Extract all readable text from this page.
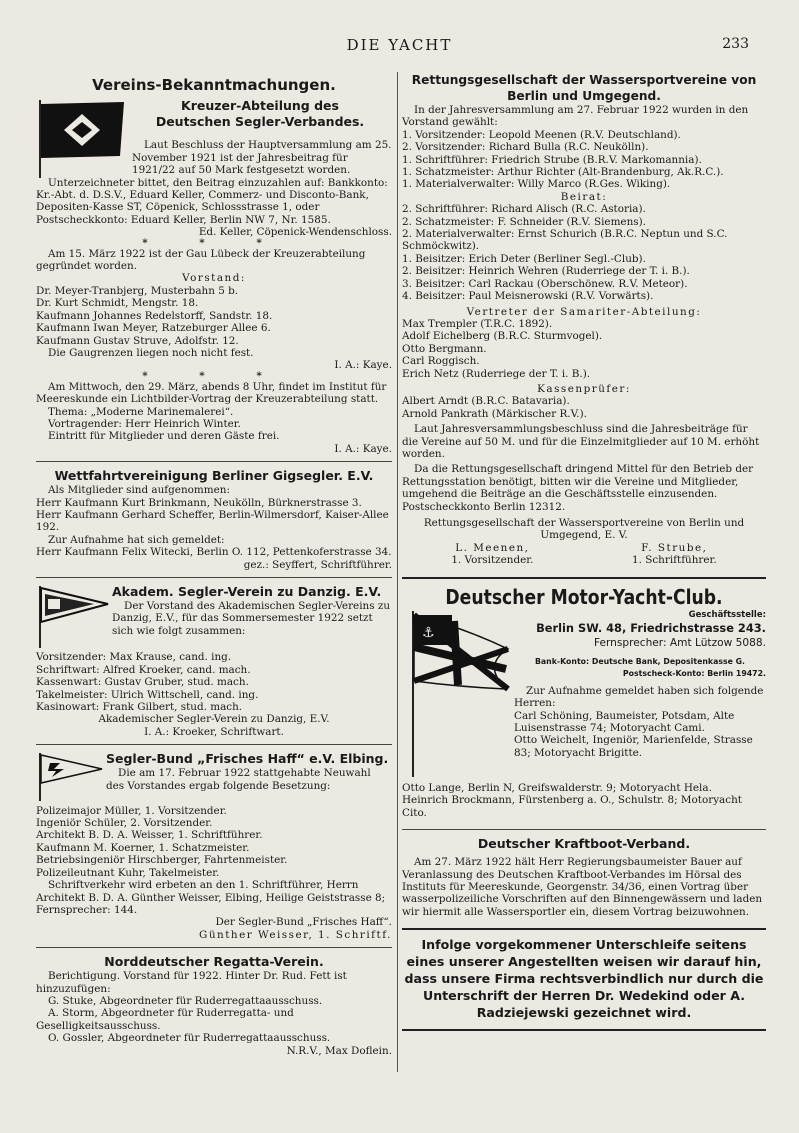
DIE YACHT	233
Vereins-Bekanntmachungen.
Kreuzer-Abteilung des
Deutschen Segler-Verbandes.

Laut Beschluss der Hauptversammlung am 25. November 1921 ist der Jahresbeitrag für 1921/22 auf 50 Mark festgesetzt worden.

Unterzeichneter bittet, den Beitrag einzuzahlen auf: Bankkonto: Kr.-Abt. d. D.S.V., Eduard Keller, Commerz- und Disconto-Bank, Depositen-Kasse ST, Cöpenick, Schlossstrasse 1, oder Postscheckkonto: Eduard Keller, Berlin NW 7, Nr. 1585.

Ed. Keller, Cöpenick-Wendenschloss.

* * *

Am 15. März 1922 ist der Gau Lübeck der Kreuzerabteilung gegründet worden.

Vorstand:

Dr. Meyer-Tranbjerg, Musterbahn 5 b.

Dr. Kurt Schmidt, Mengstr. 18.

Kaufmann Johannes Redelstorff, Sandstr. 18.

Kaufmann Iwan Meyer, Ratzeburger Allee 6.

Kaufmann Gustav Struve, Adolfstr. 12.

Die Gaugrenzen liegen noch nicht fest.

I. A.: Kaye.

* * *

Am Mittwoch, den 29. März, abends 8 Uhr, findet im Institut für Meereskunde ein Lichtbilder-Vortrag der Kreuzerabteilung statt.

Thema: „Moderne Marinemalerei“.

Vortragender: Herr Heinrich Winter.

Eintritt für Mitglieder und deren Gäste frei.

I. A.: Kaye.

Wettfahrtvereinigung Berliner Gigsegler. E.V.

Als Mitglieder sind aufgenommen:

Herr Kaufmann Kurt Brinkmann, Neukölln, Bürknerstrasse 3.

Herr Kaufmann Gerhard Scheffer, Berlin-Wilmersdorf, Kaiser-Allee 192.

Zur Aufnahme hat sich gemeldet:

Herr Kaufmann Felix Witecki, Berlin O. 112, Pettenkoferstrasse 34.

gez.: Seyffert, Schriftführer.

Akadem. Segler-Verein zu Danzig. E.V.

Der Vorstand des Akademischen Segler-Vereins zu Danzig, E.V., für das Sommersemester 1922 setzt sich wie folgt zusammen:

Vorsitzender: Max Krause, cand. ing.

Schriftwart: Alfred Kroeker, cand. mach.

Kassenwart: Gustav Gruber, stud. mach.

Takelmeister: Ulrich Wittschell, cand. ing.

Kasinowart: Frank Gilbert, stud. mach.

Akademischer Segler-Verein zu Danzig, E.V.

I. A.: Kroeker, Schriftwart.

Segler-Bund „Frisches Haff“ e.V. Elbing.

Die am 17. Februar 1922 stattgehabte Neuwahl des Vorstandes ergab folgende Besetzung:

Polizeimajor Müller, 1. Vorsitzender.

Ingeniör Schüler, 2. Vorsitzender.

Architekt B. D. A. Weisser, 1. Schriftführer.

Kaufmann M. Koerner, 1. Schatzmeister.

Betriebsingeniör Hirschberger, Fahrtenmeister.

Polizeileutnant Kuhr, Takelmeister.

Schriftverkehr wird erbeten an den 1. Schriftführer, Herrn Architekt B. D. A. Günther Weisser, Elbing, Heilige Geiststrasse 8; Fernsprecher: 144.

Der Segler-Bund „Frisches Haff“.

Günther Weisser, 1. Schriftf.

Norddeutscher Regatta-Verein.

Berichtigung. Vorstand für 1922. Hinter Dr. Rud. Fett ist hinzuzufügen:

G. Stuke, Abgeordneter für Ruderregattaausschuss.

A. Storm, Abgeordneter für Ruderregatta- und Geselligkeitsausschuss.

O. Gossler, Abgeordneter für Ruderregattaausschuss.

N.R.V., Max Doflein.

Rettungsgesellschaft der Wassersportvereine von Berlin und Umgegend.

In der Jahresversammlung am 27. Februar 1922 wurden in den Vorstand gewählt:

1. Vorsitzender: Leopold Meenen (R.V. Deutschland).

2. Vorsitzender: Richard Bulla (R.C. Neukölln).

1. Schriftführer: Friedrich Strube (B.R.V. Markomannia).

1. Schatzmeister: Arthur Richter (Alt-Brandenburg, Ak.R.C.).

1. Materialverwalter: Willy Marco (R.Ges. Wiking).

Beirat:

2. Schriftführer: Richard Alisch (R.C. Astoria).

2. Schatzmeister: F. Schneider (R.V. Siemens).

2. Materialverwalter: Ernst Schurich (B.R.C. Neptun und S.C. Schmöckwitz).

1. Beisitzer: Erich Deter (Berliner Segl.-Club).

2. Beisitzer: Heinrich Wehren (Ruderriege der T. i. B.).

3. Beisitzer: Carl Rackau (Oberschönew. R.V. Meteor).

4. Beisitzer: Paul Meisnerowski (R.V. Vorwärts).

Vertreter der Samariter-Abteilung:

Max Trempler (T.R.C. 1892).

Adolf Eichelberg (B.R.C. Sturmvogel).

Otto Bergmann.

Carl Roggisch.

Erich Netz (Ruderriege der T. i. B.).

Kassenprüfer:

Albert Arndt (B.R.C. Batavaria).

Arnold Pankrath (Märkischer R.V.).

Laut Jahresversammlungsbeschluss sind die Jahresbeiträge für die Vereine auf 50 M. und für die Einzelmitglieder auf 10 M. erhöht worden.

Da die Rettungsgesellschaft dringend Mittel für den Betrieb der Rettungsstation benötigt, bitten wir die Vereine und Mitglieder, umgehend die Beiträge an die Geschäftsstelle einzusenden. Postscheckkonto Berlin 12312.

Rettungsgesellschaft der Wassersportvereine von Berlin und Umgegend, E. V.

L. Meenen,

1. Vorsitzender.

F. Strube,

1. Schriftführer.

Deutscher Motor-Yacht-Club.
⚓

Geschäftsstelle:

Berlin SW. 48, Friedrichstrasse 243.

Fernsprecher: Amt Lützow 5088.

Bank-Konto: Deutsche Bank, Depositenkasse G.

Postscheck-Konto: Berlin 19472.

Zur Aufnahme gemeldet haben sich folgende Herren:

Carl Schöning, Baumeister, Potsdam, Alte Luisenstrasse 74; Motoryacht Cami.

Otto Weichelt, Ingeniör, Marienfelde, Strasse 83; Motoryacht Brigitte.

Otto Lange, Berlin N, Greifswalderstr. 9; Motoryacht Hela.

Heinrich Brockmann, Fürstenberg a. O., Schulstr. 8; Motoryacht Cito.

Deutscher Kraftboot-Verband.

Am 27. März 1922 hält Herr Regierungsbaumeister Bauer auf Veranlassung des Deutschen Kraftboot-Verbandes im Hörsal des Instituts für Meereskunde, Georgenstr. 34/36, einen Vortrag über wasserpolizeiliche Vorschriften auf den Binnengewässern und laden wir hiermit alle Wassersportler ein, diesem Vortrag beizuwohnen.

Infolge vorgekommener Unterschleife seitens eines unserer Angestellten weisen wir darauf hin, dass unsere Firma rechtsverbindlich nur durch die Unterschrift der Herren Dr. Wedekind oder A. Radziejewski gezeichnet wird.
